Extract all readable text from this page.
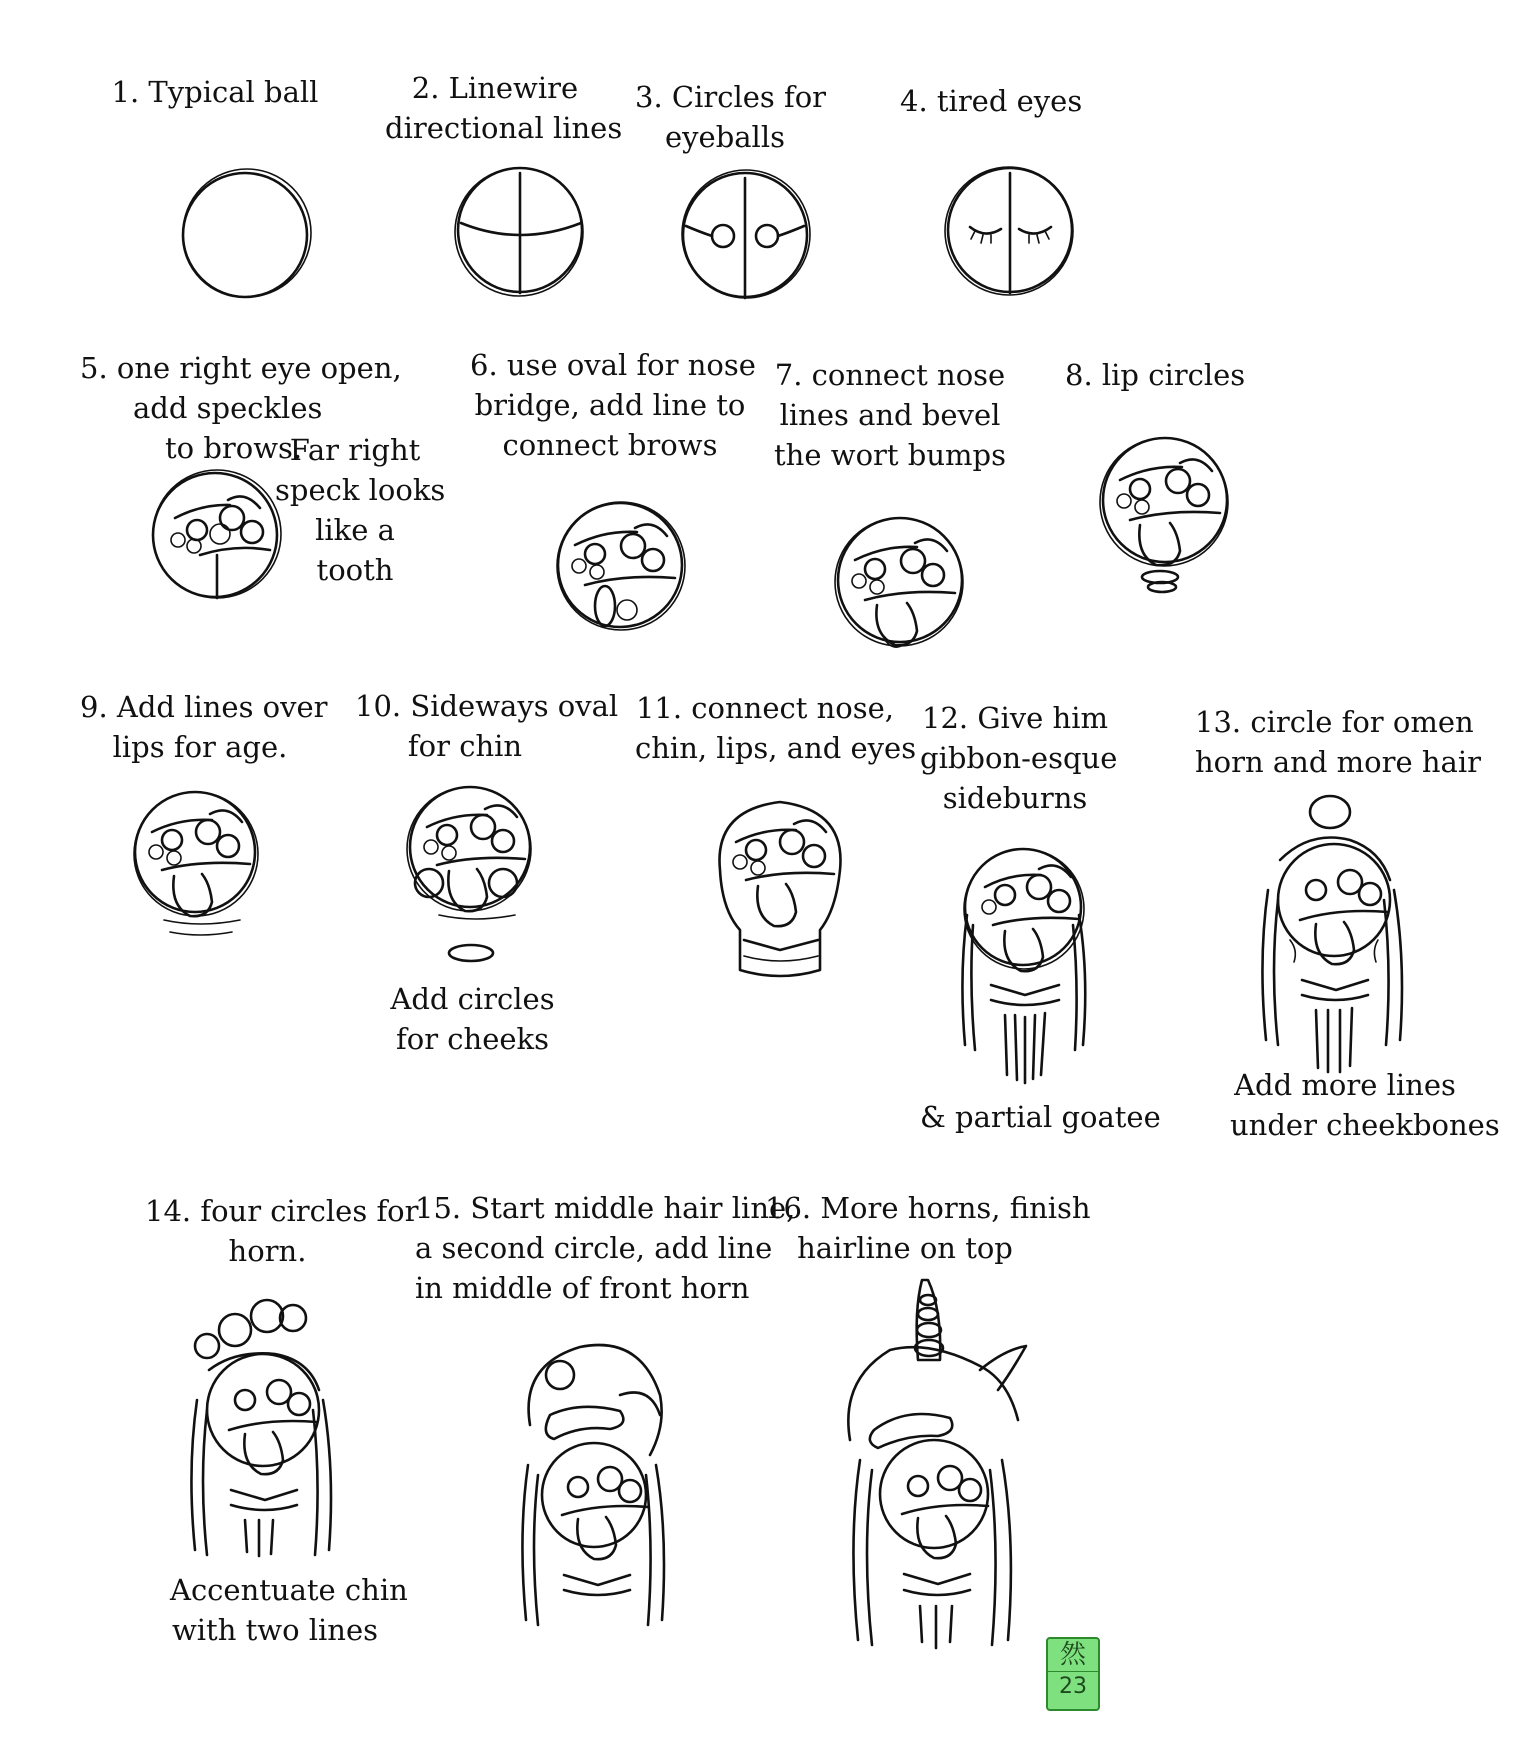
1. Typical ball	2. Linewire
directional lines
3. Circles for
eyeballs
4. tired eyes
5. one right eye open,
add speckles
to brows.
Far right
speck looks
like a
tooth
6. use oval for nose
bridge, add line to
connect brows
7. connect nose
lines and bevel
the wort bumps
8. lip circles
9. Add lines over
lips for age.
10. Sideways oval
for chin
11. connect nose,
chin, lips, and eyes
12. Give him
gibbon-esque
sideburns
13. circle for omen
horn and more hair
Add circles
for cheeks
& partial goatee
Add more lines
under cheekbones
14. four circles for
horn.
15. Start middle hair line,
a second circle, add line
in middle of front horn
16. More horns, finish
hairline on top
Accentuate chin
with two lines
然
23
